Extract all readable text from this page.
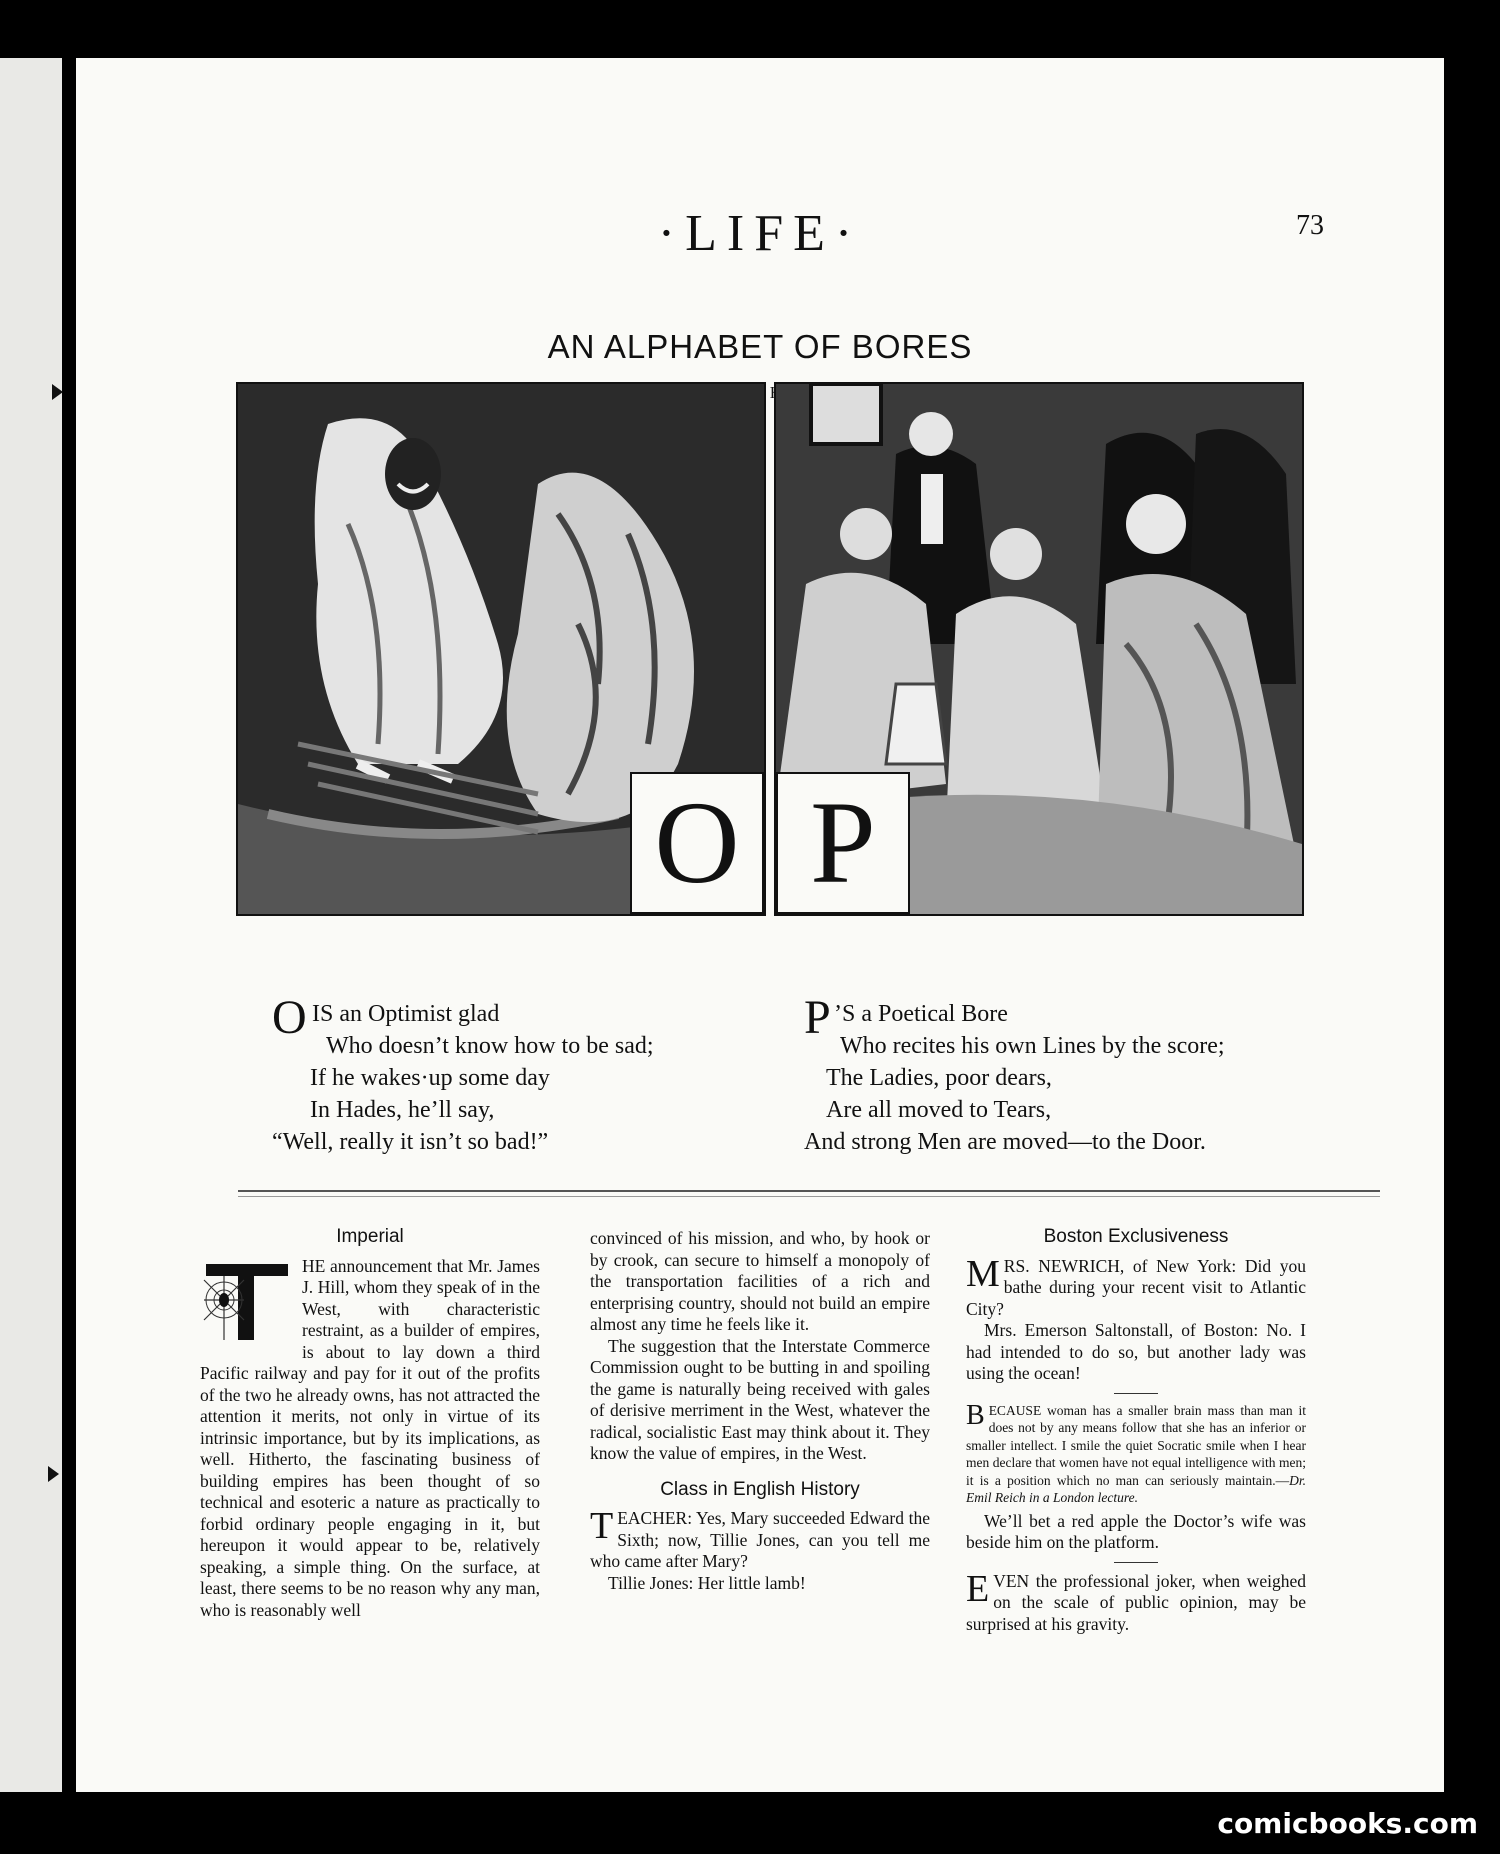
·LIFE·	73
AN ALPHABET OF BORES
O P
O IS an Optimist glad
Who doesn’t know how to be sad;
If he wakes·up some day
In Hades, he’ll say,
“Well, really it isn’t so bad!”
P ’S a Poetical Bore
Who recites his own Lines by the score;
The Ladies, poor dears,
Are all moved to Tears,
And strong Men are moved—to the Door.
Imperial

HE announcement that Mr. James J. Hill, whom they speak of in the West, with characteristic restraint, as a builder of empires, is about to lay down a third Pacific railway and pay for it out of the profits of the two he already owns, has not attracted the attention it merits, not only in virtue of its intrinsic importance, but by its implications, as well. Hitherto, the fascinating business of building empires has been thought of so technical and esoteric a nature as practically to forbid ordinary people engaging in it, but hereupon it would appear to be, relatively speaking, a simple thing. On the surface, at least, there seems to be no reason why any man, who is reasonably well

convinced of his mission, and who, by hook or by crook, can secure to himself a monopoly of the transportation facilities of a rich and enterprising country, should not build an empire almost any time he feels like it.

The suggestion that the Interstate Commerce Commission ought to be butting in and spoiling the game is naturally being received with gales of derisive merriment in the West, whatever the radical, socialistic East may think about it. They know the value of empires, in the West.

Class in English History
T EACHER: Yes, Mary succeeded Edward the Sixth; now, Tillie Jones, can you tell me who came after Mary?

Tillie Jones: Her little lamb!

Boston Exclusiveness
M RS. NEWRICH, of New York: Did you bathe during your recent visit to Atlantic City?

Mrs. Emerson Saltonstall, of Boston: No. I had intended to do so, but another lady was using the ocean!

B ECAUSE woman has a smaller brain mass than man it does not by any means follow that she has an inferior or smaller intellect. I smile the quiet Socratic smile when I hear men declare that women have not equal intelligence with men; it is a position which no man can seriously maintain.—Dr. Emil Reich in a London lecture.

We’ll bet a red apple the Doctor’s wife was beside him on the platform.

E VEN the professional joker, when weighed on the scale of public opinion, may be surprised at his gravity.

comicbooks.com
